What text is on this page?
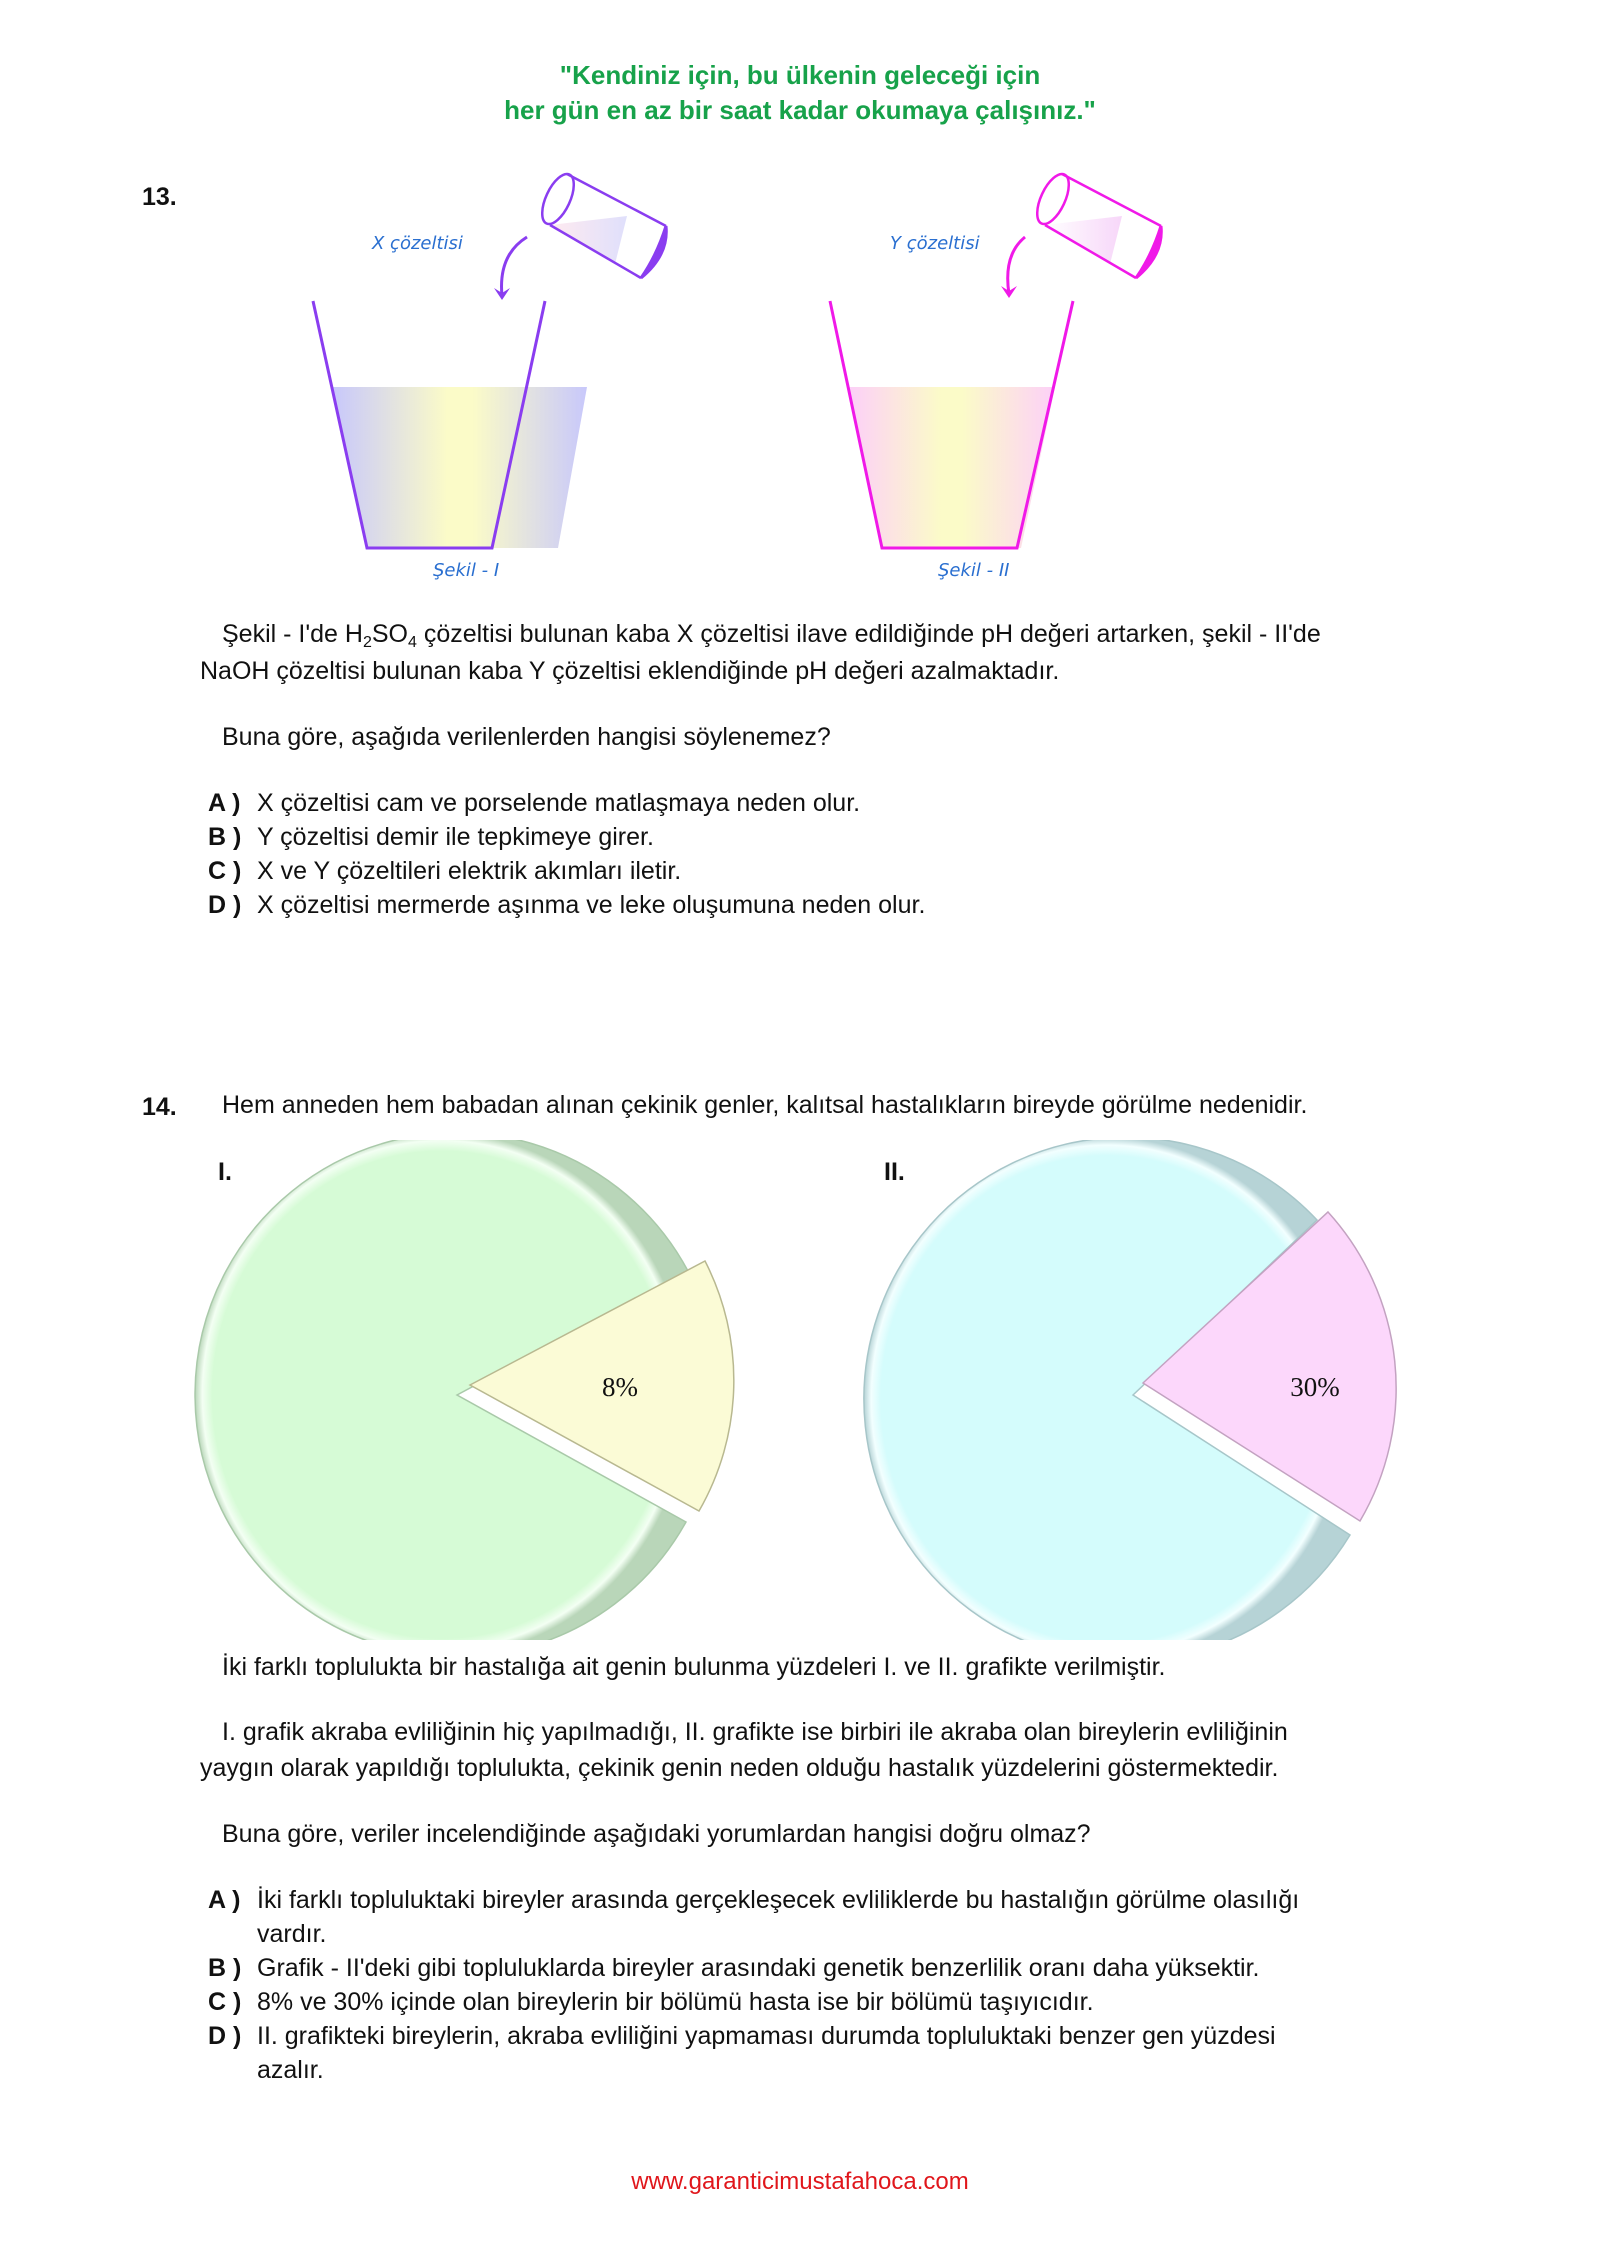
"Kendiniz için, bu ülkenin geleceği için
her gün en az bir saat kadar okumaya çalışınız."
13.
X çözeltisi
Şekil - I
Y çözeltisi
Şekil - II
Şekil - I'de $H_2SO_4$ çözeltisi bulunan kaba X çözeltisi ilave edildiğinde pH değeri artarken, şekil - II'de
NaOH çözeltisi bulunan kaba Y çözeltisi eklendiğinde pH değeri azalmaktadır.
Buna göre, aşağıda verilenlerden hangisi söylenemez?
A ) X çözeltisi cam ve porselende matlaşmaya neden olur.
B ) Y çözeltisi demir ile tepkimeye girer.
C ) X ve Y çözeltileri elektrik akımları iletir.
D ) X çözeltisi mermerde aşınma ve leke oluşumuna neden olur.
14. Hem anneden hem babadan alınan çekinik genler, kalıtsal hastalıkların bireyde görülme nedenidir.
I.	II.
8%	30%
İki farklı toplulukta bir hastalığa ait genin bulunma yüzdeleri I. ve II. grafikte verilmiştir.
I. grafik akraba evliliğinin hiç yapılmadığı, II. grafikte ise birbiri ile akraba olan bireylerin evliliğinin
yaygın olarak yapıldığı toplulukta, çekinik genin neden olduğu hastalık yüzdelerini göstermektedir.
Buna göre, veriler incelendiğinde aşağıdaki yorumlardan hangisi doğru olmaz?
A ) İki farklı topluluktaki bireyler arasında gerçekleşecek evliliklerde bu hastalığın görülme olasılığı
vardır.
B ) Grafik - II'deki gibi topluluklarda bireyler arasındaki genetik benzerlilik oranı daha yüksektir.
C ) 8% ve 30% içinde olan bireylerin bir bölümü hasta ise bir bölümü taşıyıcıdır.
D ) II. grafikteki bireylerin, akraba evliliğini yapmaması durumda topluluktaki benzer gen yüzdesi
azalır.
www.garanticimustafahoca.com
